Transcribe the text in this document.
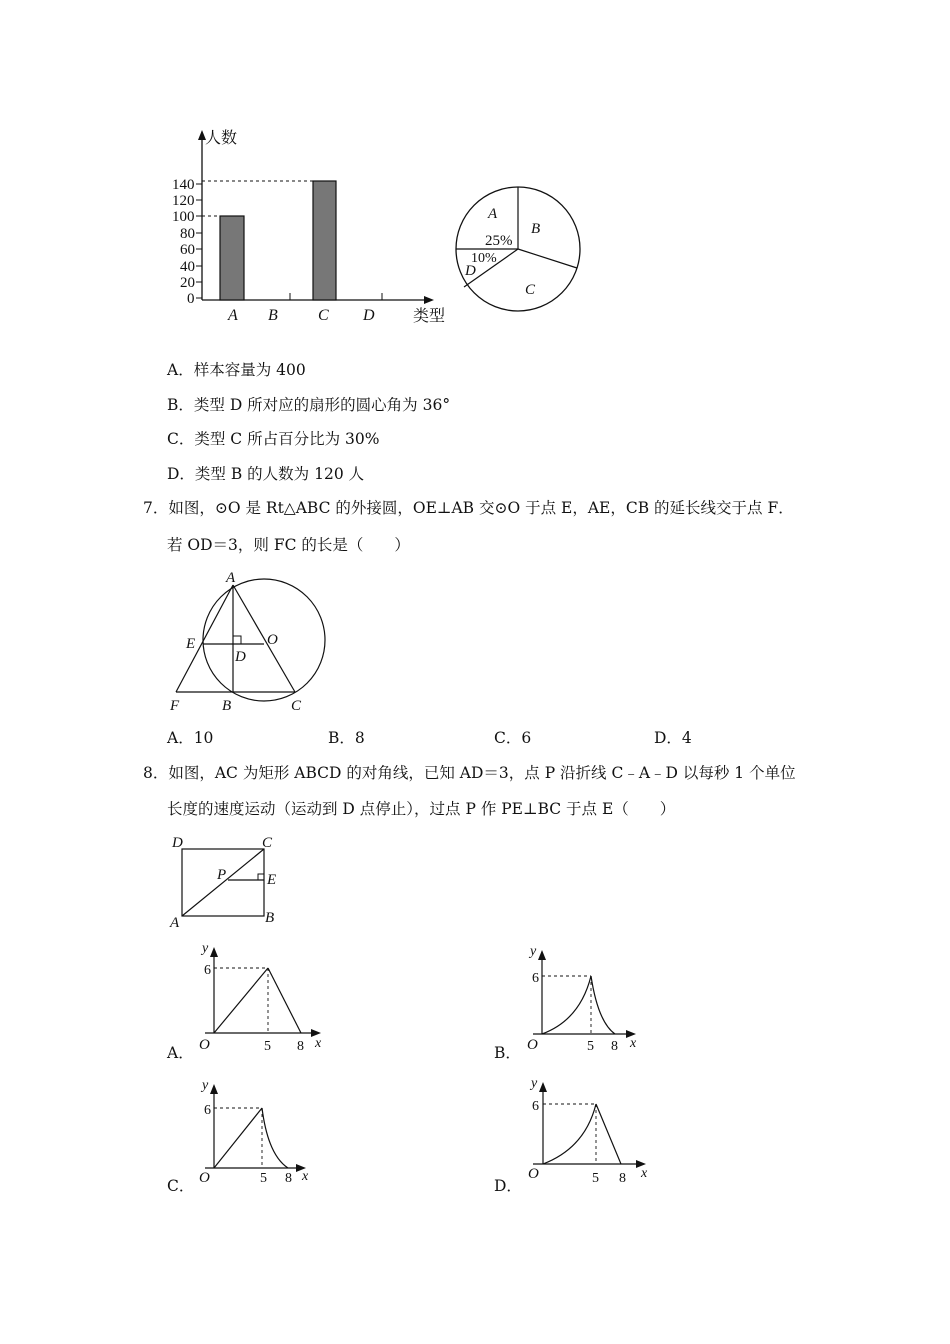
人数
类型
140
120
100
80
60
40
20
0
A B	C D
A
B
C
D
25%
10%
A．样本容量为 400
B．类型 D 所对应的扇形的圆心角为 36°
C．类型 C 所占百分比为 30%
D．类型 B 的人数为 120 人
7．如图，⊙O 是 Rt△ABC 的外接圆，OE⊥AB 交⊙O 于点 E，AE，CB 的延长线交于点 F．
若 OD＝3，则 FC 的长是（　　）
A
E	O
D
F	B	C
A．10	B．8	C．6	D．4
8．如图，AC 为矩形 ABCD 的对角线，已知 AD＝3，点 P 沿折线 C﹣A﹣D 以每秒 1 个单位
长度的速度运动（运动到 D 点停止），过点 P 作 PE⊥BC 于点 E（　　）
D	C
P	E
A	B
y
6
O	5 8 x
A．
y
6
O	5 8 x
B．
y
6
O	5 8 x
C．
y
6
O	5 8 x
D．
